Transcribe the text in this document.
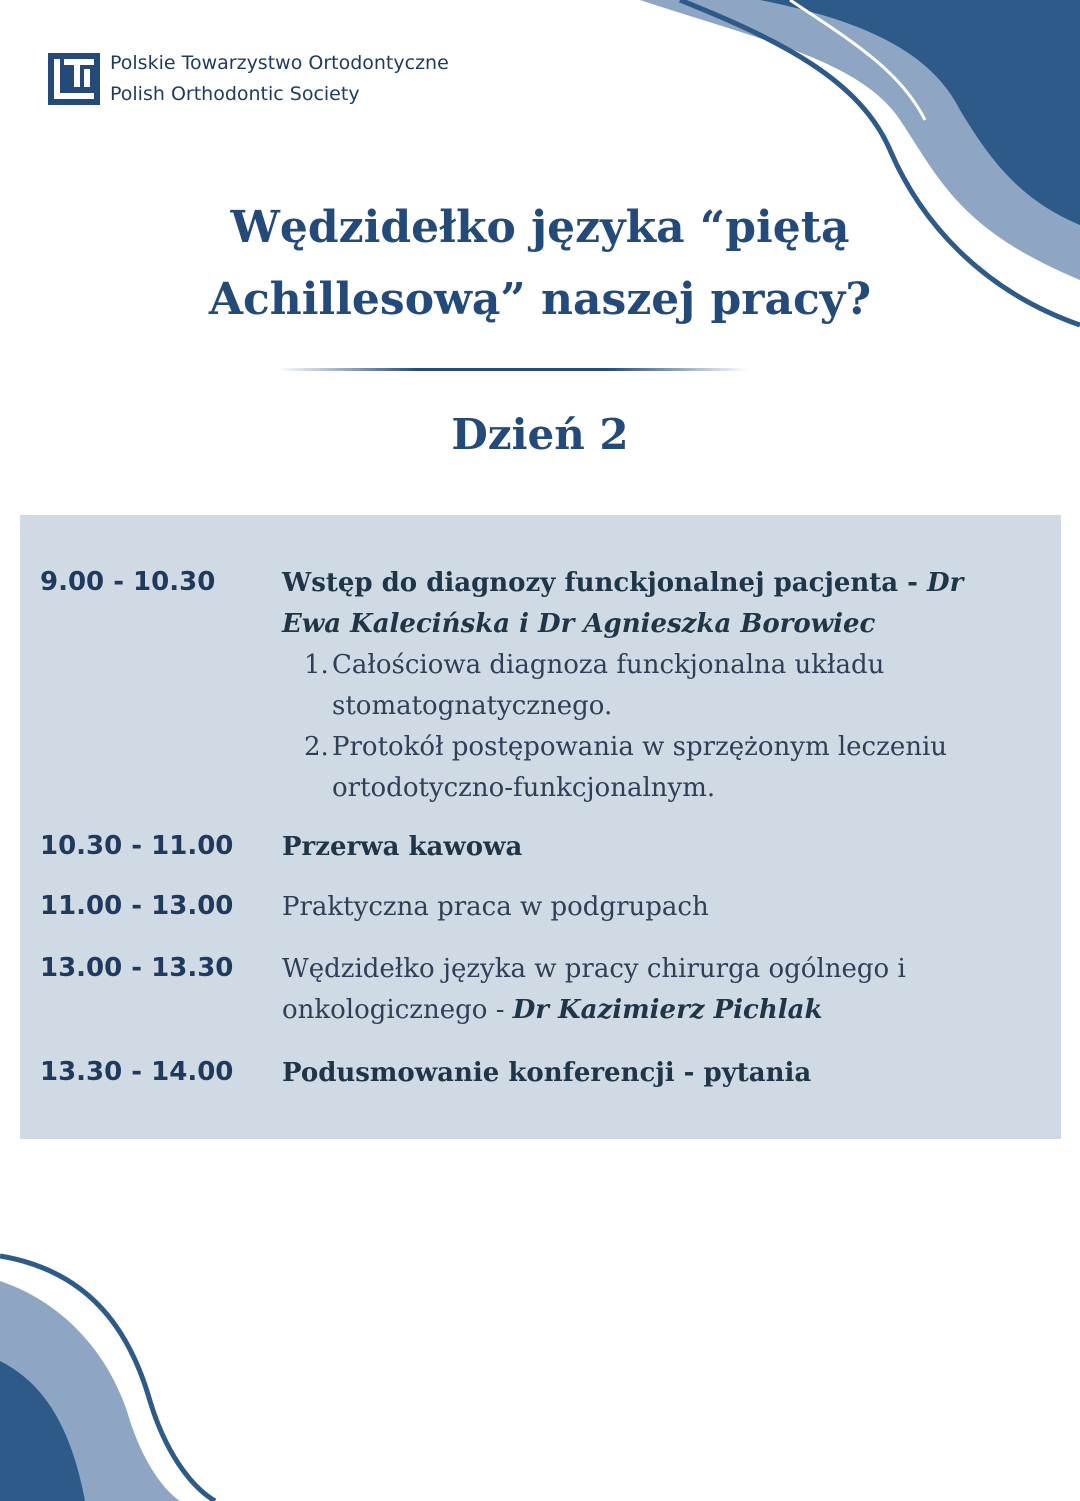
Polskie Towarzystwo Ortodontyczne
Polish Orthodontic Society
Wędzidełko języka “piętą
Achillesową” naszej pracy?
Dzień 2
9.00 - 10.30	Wstęp do diagnozy funckjonalnej pacjenta - Dr Ewa Kalecińska i Dr Agnieszka Borowiec
1. Całościowa diagnoza funckjonalna układu stomatognatycznego.
2. Protokół postępowania w sprzężonym leczeniu ortodotyczno-funkcjonalnym.
10.30 - 11.00 Przerwa kawowa
11.00 - 13.00 Praktyczna praca w podgrupach
13.00 - 13.30 Wędzidełko języka w pracy chirurga ogólnego i onkologicznego - Dr Kazimierz Pichlak
13.30 - 14.00 Podusmowanie konferencji - pytania
